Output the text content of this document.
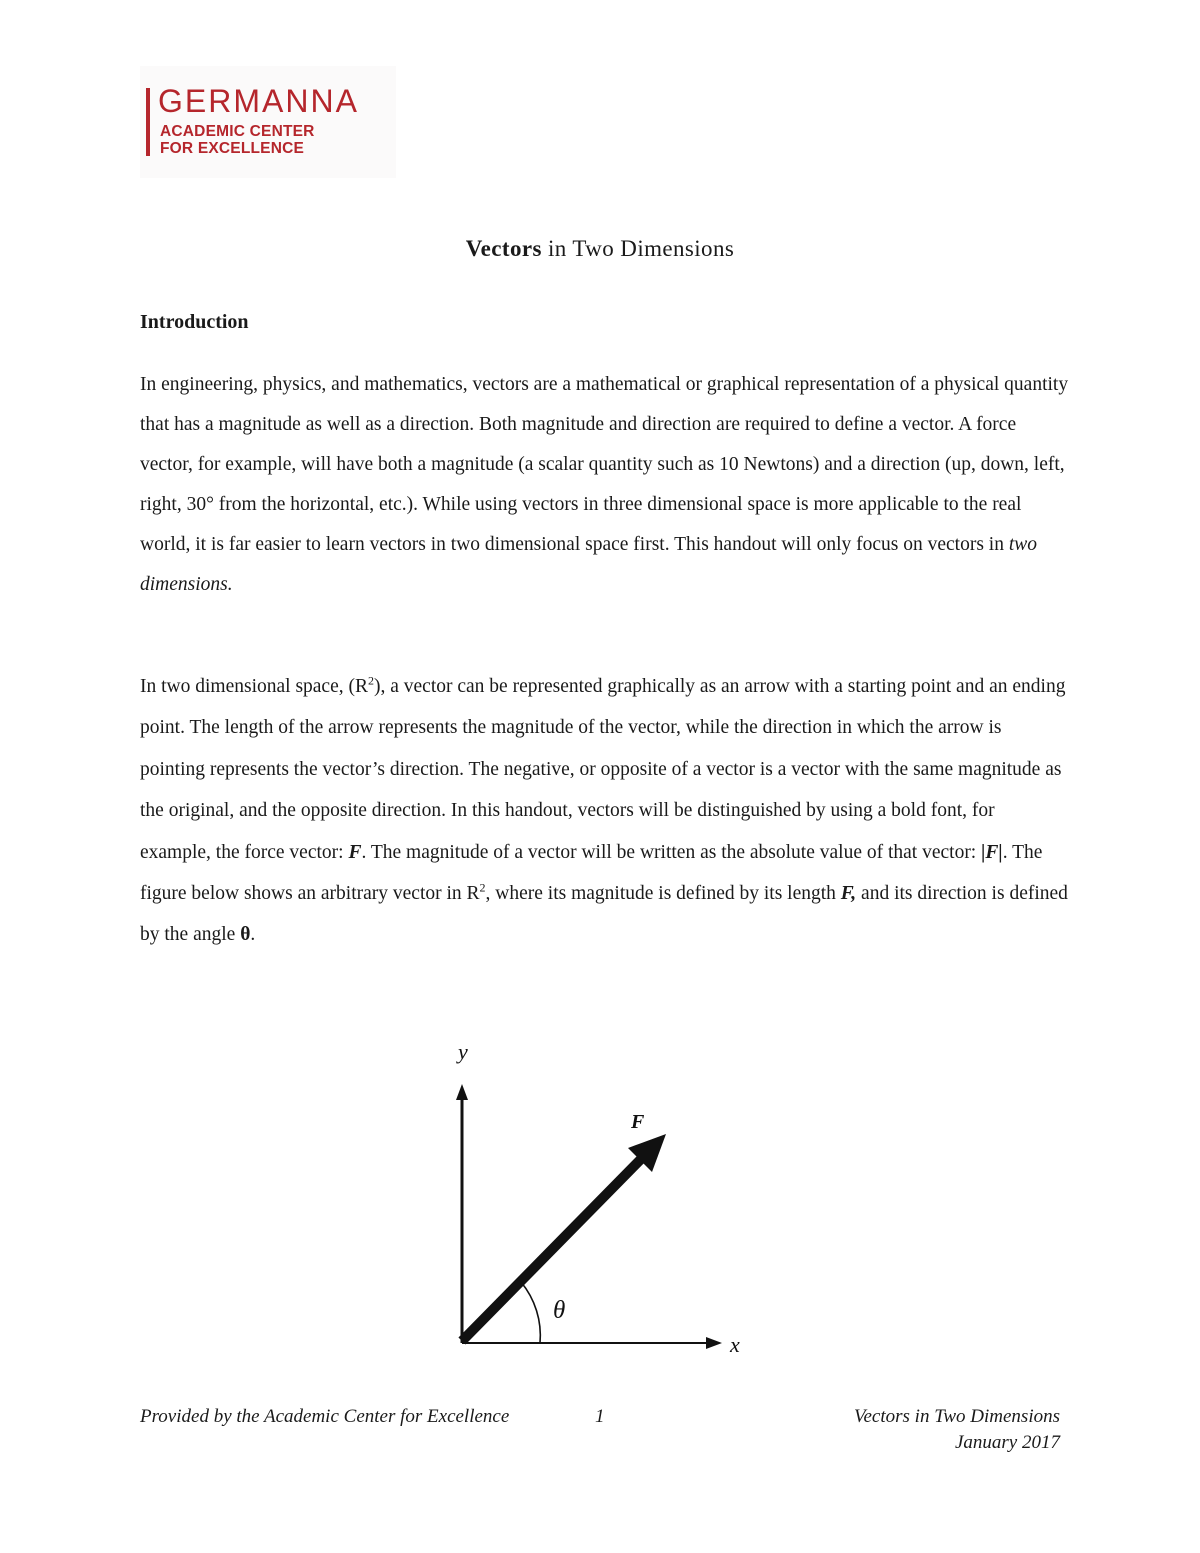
GERMANNA
ACADEMIC CENTER
FOR EXCELLENCE
Vectors in Two Dimensions
Introduction

In engineering, physics, and mathematics, vectors are a mathematical or graphical representation of a physical quantity that has a magnitude as well as a direction. Both magnitude and direction are required to define a vector. A force vector, for example, will have both a magnitude (a scalar quantity such as 10 Newtons) and a direction (up, down, left, right, 30° from the horizontal, etc.). While using vectors in three dimensional space is more applicable to the real world, it is far easier to learn vectors in two dimensional space first. This handout will only focus on vectors in two dimensions.

In two dimensional space, $(R^2)$, a vector can be represented graphically as an arrow with a starting point and an ending point. The length of the arrow represents the magnitude of the vector, while the direction in which the arrow is pointing represents the vector’s direction. The negative, or opposite of a vector is a vector with the same magnitude as the original, and the opposite direction. In this handout, vectors will be distinguished by using a bold font, for example, the force vector: F. The magnitude of a vector will be written as the absolute value of that vector: |F|. The figure below shows an arbitrary vector in $R^2$, where its magnitude is defined by its length F, and its direction is defined by the angle θ.

y
x
F
θ
Provided by the Academic Center for Excellence	1	Vectors in Two Dimensions
January 2017
